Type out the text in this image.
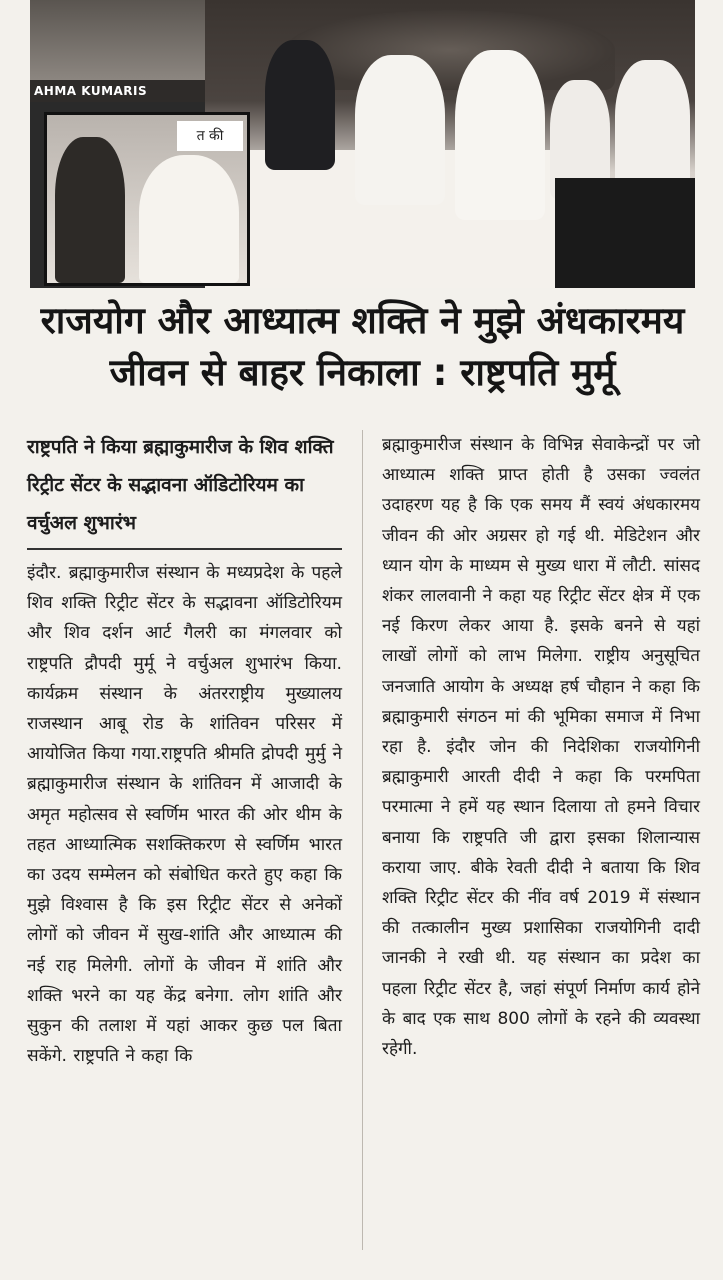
AHMA KUMARIS
त की
राजयोग और आध्यात्म शक्ति ने मुझे अंधकारमय
जीवन से बाहर निकाला : राष्ट्रपति मुर्मू
राष्ट्रपति ने किया ब्रह्माकुमारीज के शिव शक्ति रिट्रीट सेंटर के सद्भावना ऑडिटोरियम का वर्चुअल शुभारंभ

इंदौर. ब्रह्माकुमारीज संस्थान के मध्यप्रदेश के पहले शिव शक्ति रिट्रीट सेंटर के सद्भावना ऑडिटोरियम और शिव दर्शन आर्ट गैलरी का मंगलवार को राष्ट्रपति द्रौपदी मुर्मू ने वर्चुअल शुभारंभ किया. कार्यक्रम संस्थान के अंतरराष्ट्रीय मुख्यालय राजस्थान आबू रोड के शांतिवन परिसर में आयोजित किया गया.राष्ट्रपति श्रीमति द्रोपदी मुर्मु ने ब्रह्माकुमारीज संस्थान के शांतिवन में आजादी के अमृत महोत्सव से स्वर्णिम भारत की ओर थीम के तहत आध्यात्मिक सशक्तिकरण से स्वर्णिम भारत का उदय सम्मेलन को संबोधित करते हुए कहा कि मुझे विश्वास है कि इस रिट्रीट सेंटर से अनेकों लोगों को जीवन में सुख-शांति और आध्यात्म की नई राह मिलेगी. लोगों के जीवन में शांति और शक्ति भरने का यह केंद्र बनेगा. लोग शांति और सुकुन की तलाश में यहां आकर कुछ पल बिता सकेंगे. राष्ट्रपति ने कहा कि

ब्रह्माकुमारीज संस्थान के विभिन्न सेवाकेन्द्रों पर जो आध्यात्म शक्ति प्राप्त होती है उसका ज्वलंत उदाहरण यह है कि एक समय मैं स्वयं अंधकारमय जीवन की ओर अग्रसर हो गई थी. मेडिटेशन और ध्यान योग के माध्यम से मुख्य धारा में लौटी. सांसद शंकर लालवानी ने कहा यह रिट्रीट सेंटर क्षेत्र में एक नई किरण लेकर आया है. इसके बनने से यहां लाखों लोगों को लाभ मिलेगा. राष्ट्रीय अनुसूचित जनजाति आयोग के अध्यक्ष हर्ष चौहान ने कहा कि ब्रह्माकुमारी संगठन मां की भूमिका समाज में निभा रहा है. इंदौर जोन की निदेशिका राजयोगिनी ब्रह्माकुमारी आरती दीदी ने कहा कि परमपिता परमात्मा ने हमें यह स्थान दिलाया तो हमने विचार बनाया कि राष्ट्रपति जी द्वारा इसका शिलान्यास कराया जाए. बीके रेवती दीदी ने बताया कि शिव शक्ति रिट्रीट सेंटर की नींव वर्ष 2019 में संस्थान की तत्कालीन मुख्य प्रशासिका राजयोगिनी दादी जानकी ने रखी थी. यह संस्थान का प्रदेश का पहला रिट्रीट सेंटर है, जहां संपूर्ण निर्माण कार्य होने के बाद एक साथ 800 लोगों के रहने की व्यवस्था रहेगी.
